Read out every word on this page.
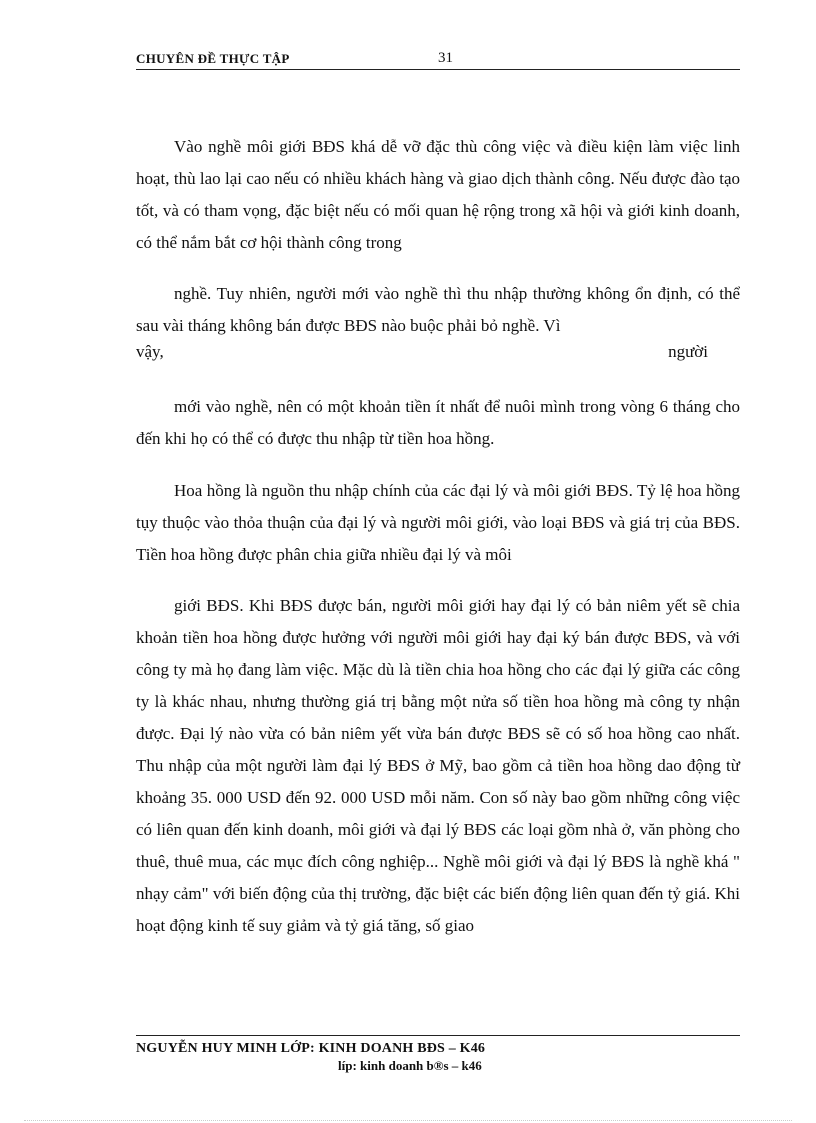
CHUYÊN ĐỀ THỰC TẬP	31

Vào nghề môi giới BĐS khá dễ vỡ đặc thù công việc và điều kiện làm việc linh hoạt, thù lao lại cao nếu có nhiều khách hàng và giao dịch thành công. Nếu được đào tạo tốt, và có tham vọng, đặc biệt nếu có mối quan hệ rộng trong xã hội và giới kinh doanh, có thể nắm bắt cơ hội thành công trong

nghề. Tuy nhiên, người mới vào nghề thì thu nhập thường không ổn định, có thể sau vài tháng không bán được BĐS nào buộc phải bỏ nghề. Vì

vậy,	người

mới vào nghề, nên có một khoản tiền ít nhất để nuôi mình trong vòng 6 tháng cho đến khi họ có thể có được thu nhập từ tiền hoa hồng.

Hoa hồng là nguồn thu nhập chính của các đại lý và môi giới BĐS. Tỷ lệ hoa hồng tụy thuộc vào thỏa thuận của đại lý và người môi giới, vào loại BĐS và giá trị của BĐS. Tiền hoa hồng được phân chia giữa nhiều đại lý và môi

giới BĐS. Khi BĐS được bán, người môi giới hay đại lý có bản niêm yết sẽ chia khoản tiền hoa hồng được hưởng với người môi giới hay đại ký bán được BĐS, và với công ty mà họ đang làm việc. Mặc dù là tiền chia hoa hồng cho các đại lý giữa các công ty là khác nhau, nhưng thường giá trị bằng một nửa số tiền hoa hồng mà công ty nhận được. Đại lý nào vừa có bản niêm yết vừa bán được BĐS sẽ có số hoa hồng cao nhất. Thu nhập của một người làm đại lý BĐS ở Mỹ, bao gồm cả tiền hoa hồng dao động từ khoảng 35. 000 USD đến 92. 000 USD mỗi năm. Con số này bao gồm những công việc có liên quan đến kinh doanh, môi giới và đại lý BĐS các loại gồm nhà ở, văn phòng cho thuê, thuê mua, các mục đích công nghiệp... Nghề môi giới và đại lý BĐS là nghề khá " nhạy cảm" với biến động của thị trường, đặc biệt các biến động liên quan đến tỷ giá. Khi hoạt động kinh tế suy giảm và tỷ giá tăng, số giao

NGUYỄN HUY MINH LỚP: KINH DOANH BĐS – K46
líp: kinh doanh b®s – k46
